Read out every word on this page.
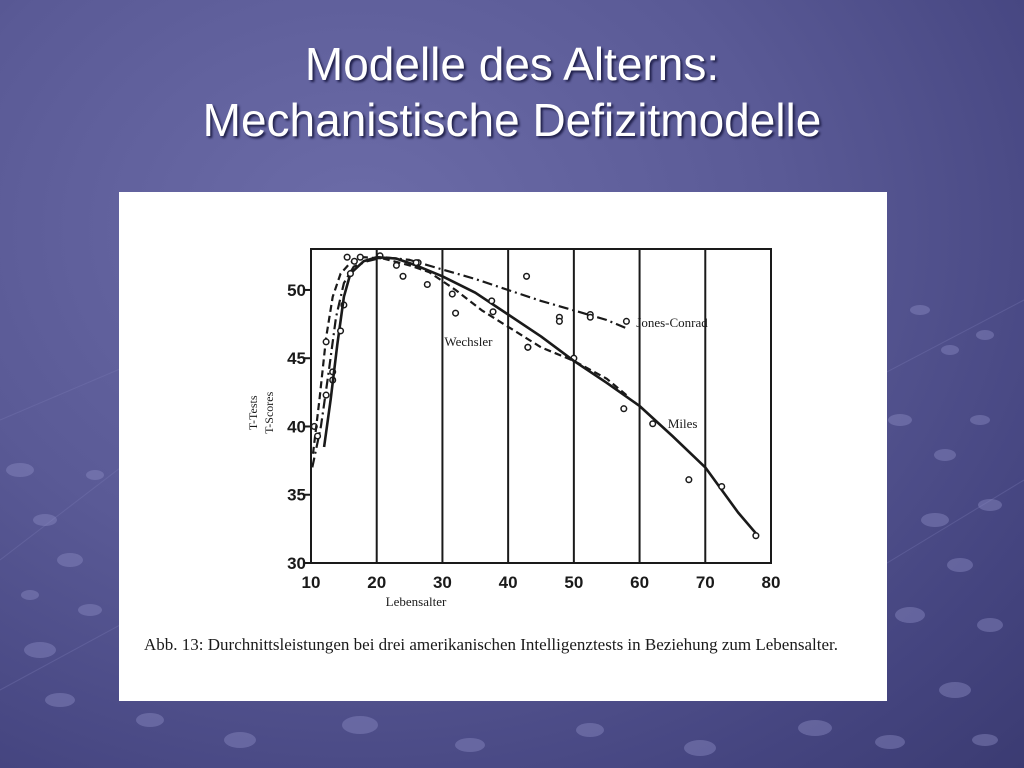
Modelle des Alterns:
Mechanistische Defizitmodelle
10	20	30	40	50	60	70	80
30
35
40
45
50
Lebensalter
T-Tests T-Scores
Jones-Conrad
Wechsler
Miles
Abb. 13: Durchnittsleistungen bei drei amerikanischen Intelligenztests in Beziehung zum Lebensalter.
